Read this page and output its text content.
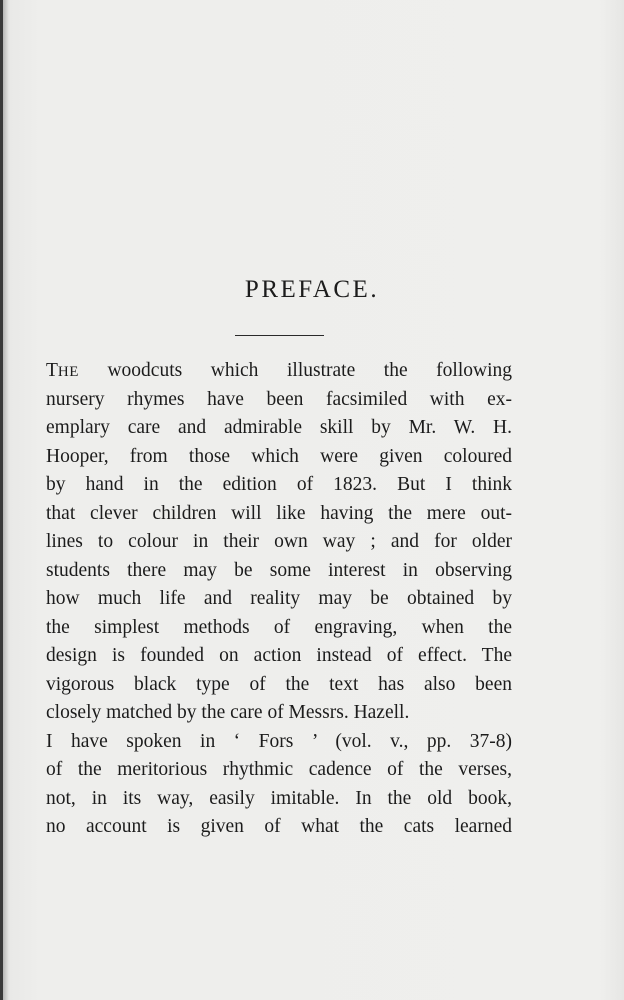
PREFACE.
THE woodcuts which illustrate the following
nursery rhymes have been facsimiled with ex-
emplary care and admirable skill by Mr. W. H.
Hooper, from those which were given coloured
by hand in the edition of 1823. But I think
that clever children will like having the mere out-
lines to colour in their own way ; and for older
students there may be some interest in observing
how much life and reality may be obtained by
the simplest methods of engraving, when the
design is founded on action instead of effect. The
vigorous black type of the text has also been
closely matched by the care of Messrs. Hazell.
I have spoken in ‘ Fors ’ (vol. v., pp. 37-8)
of the meritorious rhythmic cadence of the verses,
not, in its way, easily imitable. In the old book,
no account is given of what the cats learned
